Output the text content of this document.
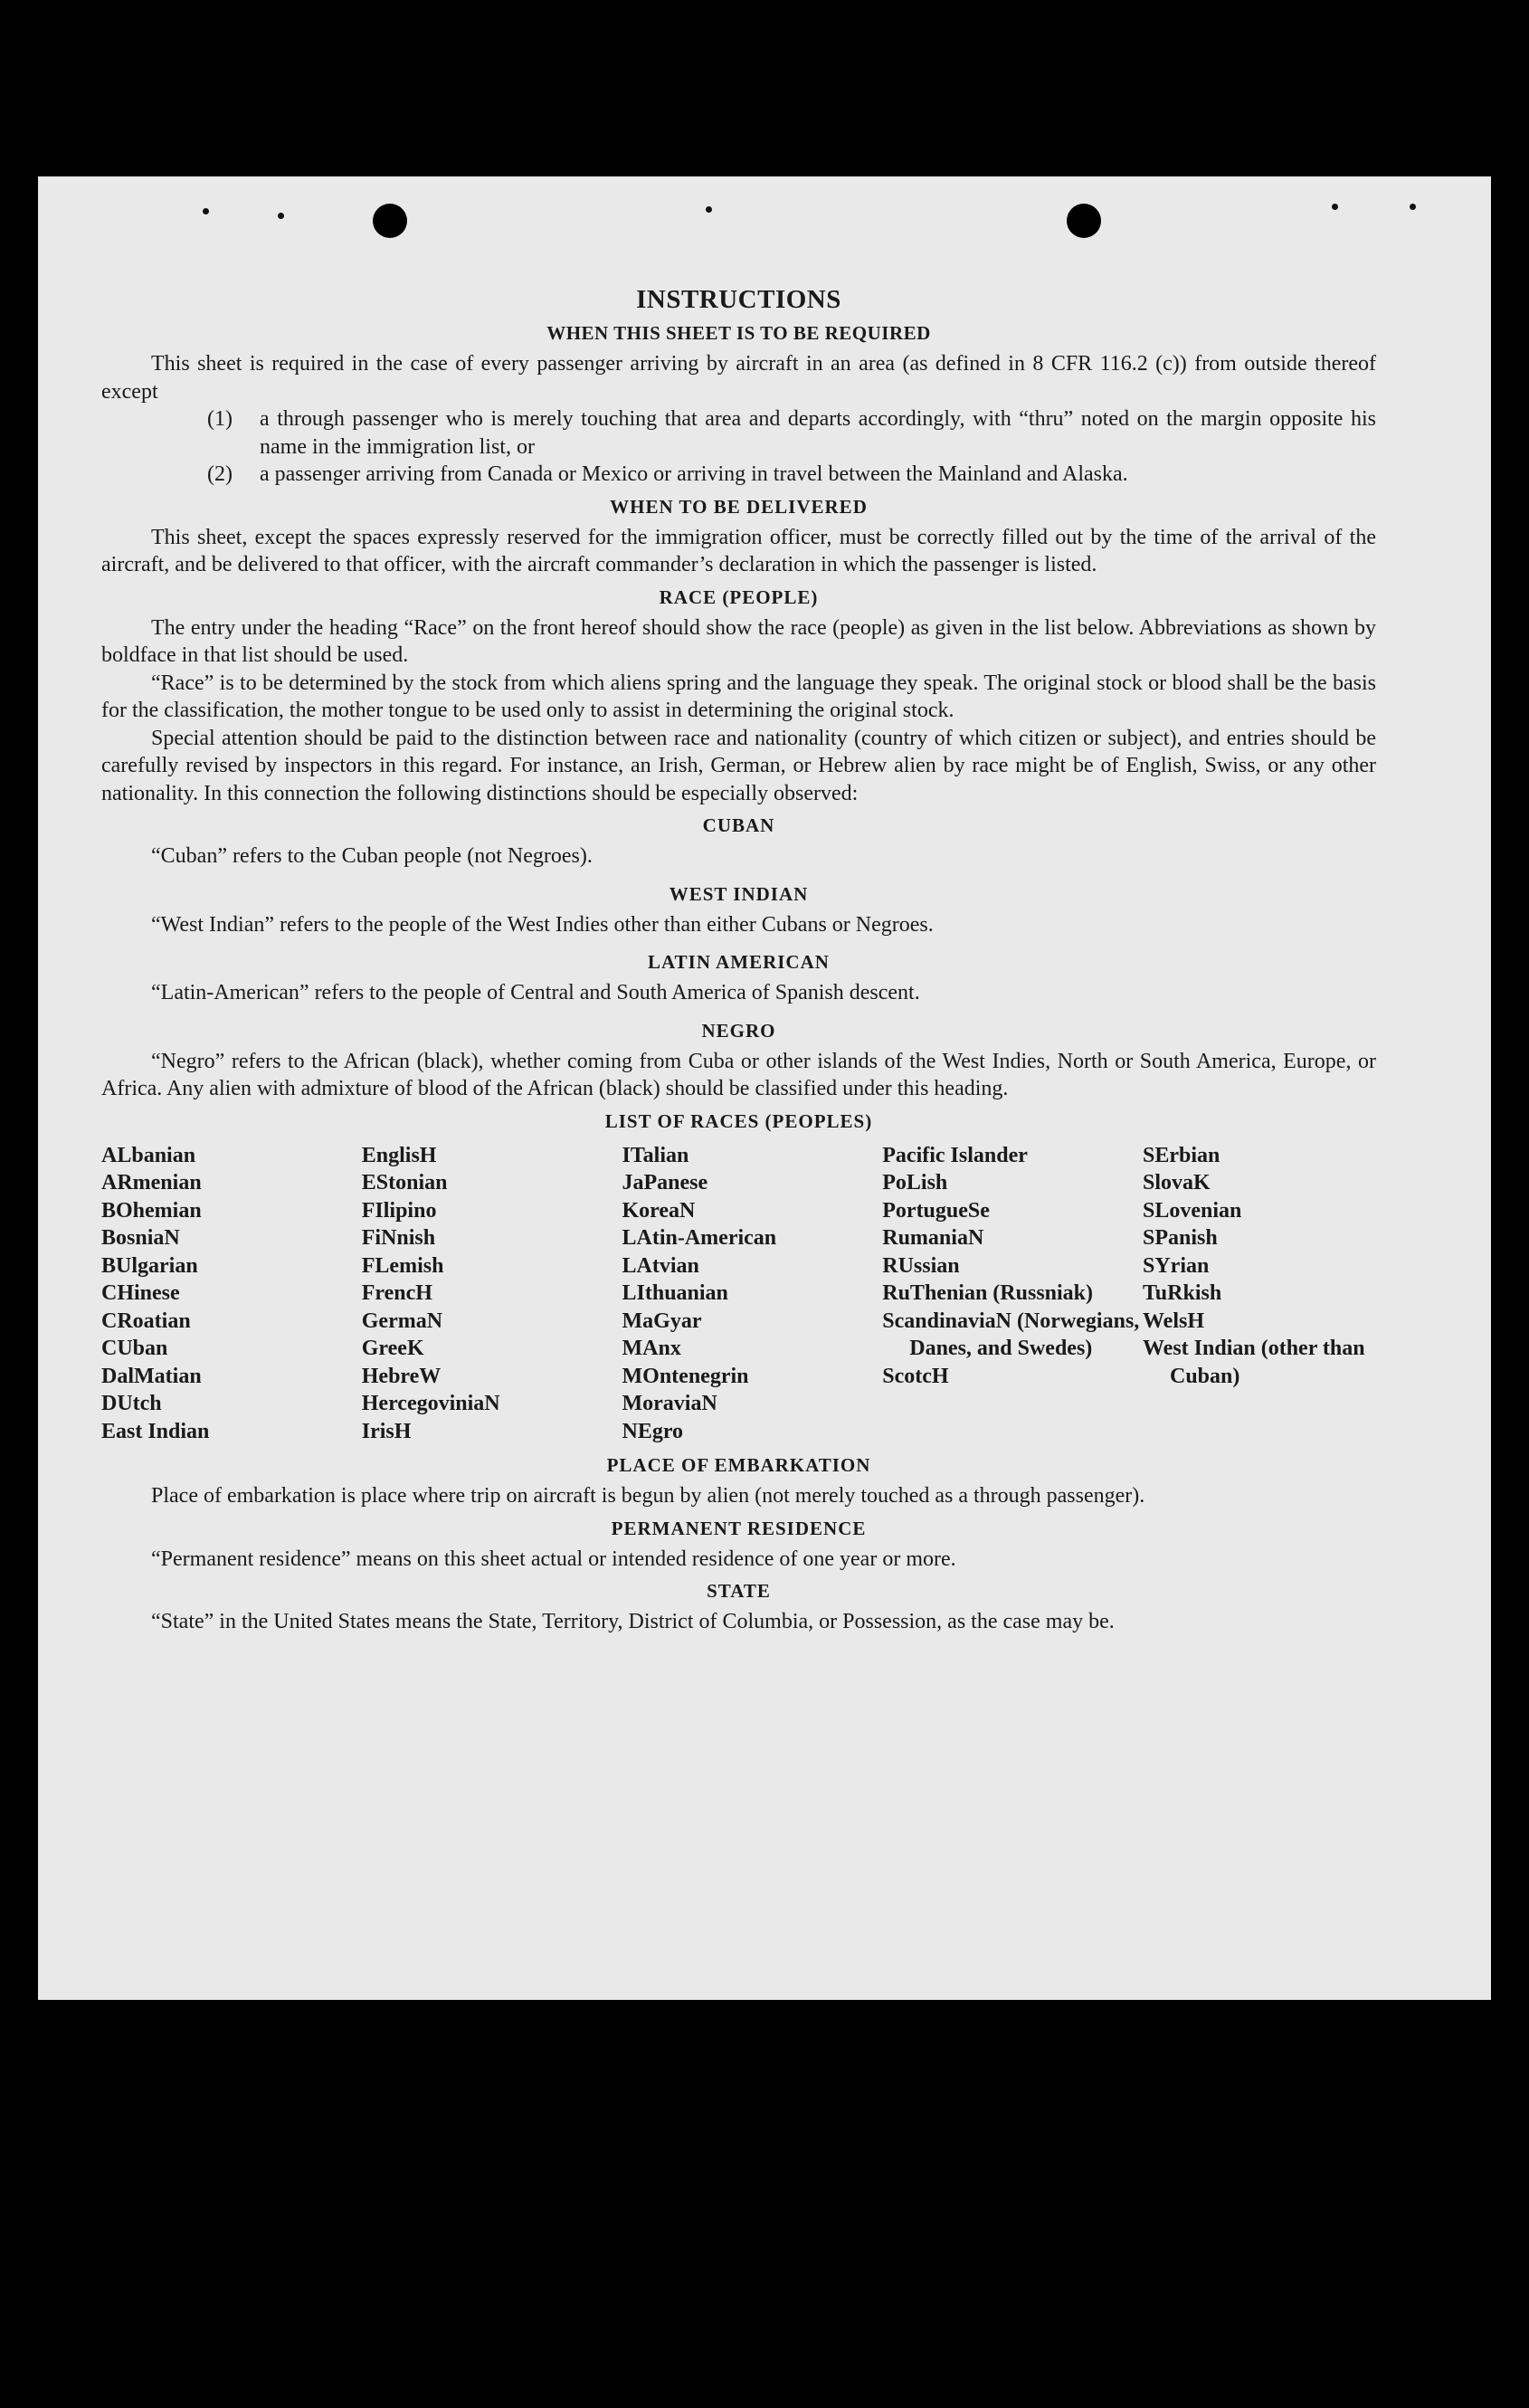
INSTRUCTIONS
WHEN THIS SHEET IS TO BE REQUIRED

This sheet is required in the case of every passenger arriving by aircraft in an area (as defined in 8 CFR 116.2 (c)) from outside thereof except

(1)	a through passenger who is merely touching that area and departs accordingly, with “thru” noted on the margin opposite his name in the immigration list, or
(2)	a passenger arriving from Canada or Mexico or arriving in travel between the Mainland and Alaska.
WHEN TO BE DELIVERED

This sheet, except the spaces expressly reserved for the immigration officer, must be correctly filled out by the time of the arrival of the aircraft, and be delivered to that officer, with the aircraft commander’s declaration in which the passenger is listed.

RACE (PEOPLE)

The entry under the heading “Race” on the front hereof should show the race (people) as given in the list below. Abbreviations as shown by boldface in that list should be used.

“Race” is to be determined by the stock from which aliens spring and the language they speak. The original stock or blood shall be the basis for the classification, the mother tongue to be used only to assist in determining the original stock.

Special attention should be paid to the distinction between race and nationality (country of which citizen or subject), and entries should be carefully revised by inspectors in this regard. For instance, an Irish, German, or Hebrew alien by race might be of English, Swiss, or any other nationality. In this connection the following distinctions should be especially observed:

CUBAN

“Cuban” refers to the Cuban people (not Negroes).

WEST INDIAN

“West Indian” refers to the people of the West Indies other than either Cubans or Negroes.

LATIN AMERICAN

“Latin-American” refers to the people of Central and South America of Spanish descent.

NEGRO

“Negro” refers to the African (black), whether coming from Cuba or other islands of the West Indies, North or South America, Europe, or Africa. Any alien with admixture of blood of the African (black) should be classified under this heading.

LIST OF RACES (PEOPLES)
ALbanian
ARmenian
BOhemian
BosniaN
BUlgarian
CHinese
CRoatian
CUban
DalMatian
DUtch
East Indian
EnglisH
EStonian
FIlipino
FiNnish
FLemish
FrencH
GermaN
GreeK
HebreW
HercegoviniaN
IrisH
ITalian
JaPanese
KoreaN
LAtin-American
LAtvian
LIthuanian
MaGyar
MAnx
MOntenegrin
MoraviaN
NEgro
Pacific Islander
PoLish
PortugueSe
RumaniaN
RUssian
RuThenian (Russniak)
ScandinaviaN (Norwegians, Danes, and Swedes)
ScotcH
SErbian
SlovaK
SLovenian
SPanish
SYrian
TuRkish
WelsH
West Indian (other than Cuban)
PLACE OF EMBARKATION

Place of embarkation is place where trip on aircraft is begun by alien (not merely touched as a through passenger).

PERMANENT RESIDENCE

“Permanent residence” means on this sheet actual or intended residence of one year or more.

STATE

“State” in the United States means the State, Territory, District of Columbia, or Possession, as the case may be.
